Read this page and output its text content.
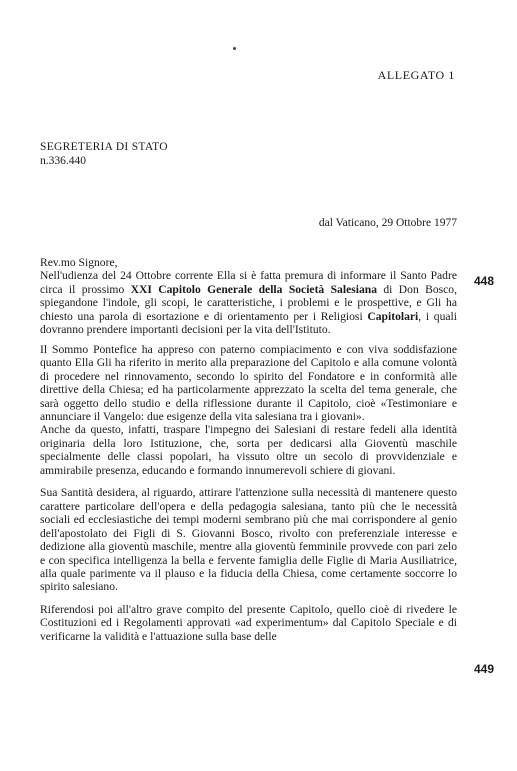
ALLEGATO 1
SEGRETERIA DI STATO
n.336.440
dal Vaticano, 29 Ottobre 1977
448
449

Rev.mo Signore,

Nell'udienza del 24 Ottobre corrente Ella si è fatta premura di informare il Santo Padre circa il prossimo XXI Capitolo Generale della Società Salesiana di Don Bosco, spiegandone l'indole, gli scopi, le caratteristiche, i problemi e le prospettive, e Gli ha chiesto una parola di esortazione e di orientamento per i Religiosi Capitolari, i quali dovranno prendere importanti decisioni per la vita dell'Istituto.

Il Sommo Pontefice ha appreso con paterno compiacimento e con viva soddisfazione quanto Ella Gli ha riferito in merito alla preparazione del Capitolo e alla comune volontà di procedere nel rinnovamento, secondo lo spirito del Fondatore e in conformità alle direttive della Chiesa; ed ha particolarmente apprezzato la scelta del tema generale, che sarà oggetto dello studio e della riflessione durante il Capitolo, cioè «Testimoniare e annunciare il Vangelo: due esigenze della vita salesiana tra i giovani».

Anche da questo, infatti, traspare l'impegno dei Salesiani di restare fedeli alla identità originaria della loro Istituzione, che, sorta per dedicarsi alla Gioventù maschile specialmente delle classi popolari, ha vissuto oltre un secolo di provvidenziale e ammirabile presenza, educando e formando innumerevoli schiere di giovani.

Sua Santità desidera, al riguardo, attirare l'attenzione sulla necessità di mantenere questo carattere particolare dell'opera e della pedagogia salesiana, tanto più che le necessità sociali ed ecclesiastiche dei tempi moderni sembrano più che mai corrispondere al genio dell'apostolato dei Figli di S. Giovanni Bosco, rivolto con preferenziale interesse e dedizione alla gioventù maschile, mentre alla gioventù femminile provvede con pari zelo e con specifica intelligenza la bella e fervente famiglia delle Figlie di Maria Ausiliatrice, alla quale parimente va il plauso e la fiducia della Chiesa, come certamente soccorre lo spirito salesiano.

Riferendosi poi all'altro grave compito del presente Capitolo, quello cioè di rivedere le Costituzioni ed i Regolamenti approvati «ad experimentum» dal Capitolo Speciale e di verificarne la validità e l'attuazione sulla base delle
